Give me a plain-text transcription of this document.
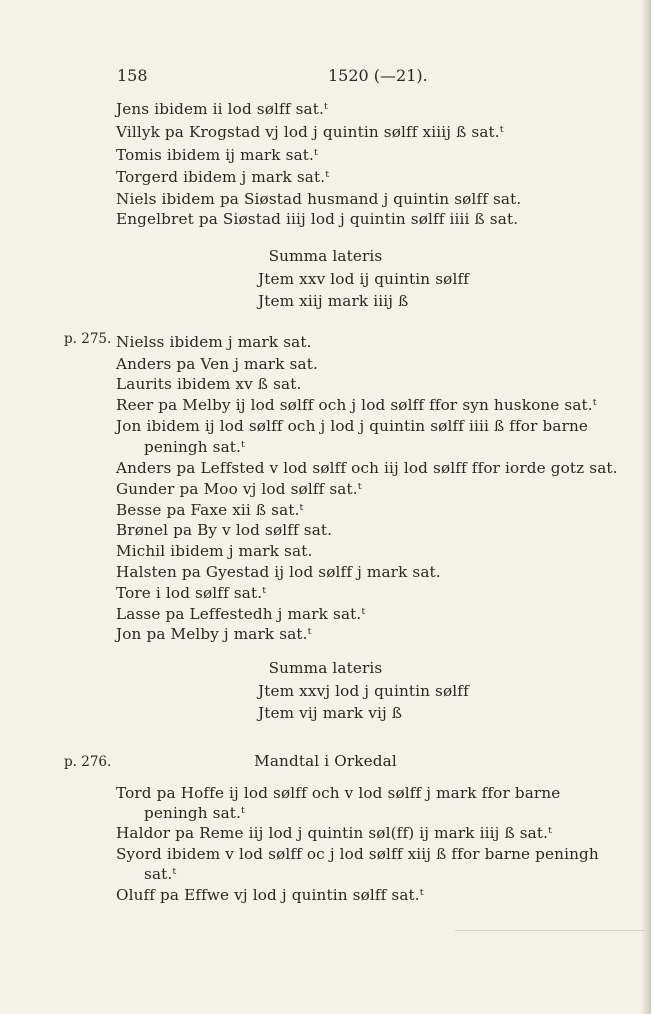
158	1520 (—21).
Jens ibidem ii lod sølff sat.ᵗ
Villyk pa Krogstad vj lod j quintin sølff xiiij ß sat.ᵗ
Tomis ibidem ij mark sat.ᵗ
Torgerd ibidem j mark sat.ᵗ
Niels ibidem pa Siøstad husmand j quintin sølff sat.
Engelbret pa Siøstad iiij lod j quintin sølff iiii ß sat.
Summa lateris
Jtem xxv lod ij quintin sølff
Jtem xiij mark iiij ß
p. 275. Nielss ibidem j mark sat.
Anders pa Ven j mark sat.
Laurits ibidem xv ß sat.
Reer pa Melby ij lod sølff och j lod sølff ffor syn huskone sat.ᵗ
Jon ibidem ij lod sølff och j lod j quintin sølff iiii ß ffor barne
peningh sat.ᵗ
Anders pa Leffsted v lod sølff och iij lod sølff ffor iorde gotz sat.
Gunder pa Moo vj lod sølff sat.ᵗ
Besse pa Faxe xii ß sat.ᵗ
Brønel pa By v lod sølff sat.
Michil ibidem j mark sat.
Halsten pa Gyestad ij lod sølff j mark sat.
Tore i lod sølff sat.ᵗ
Lasse pa Leffestedh j mark sat.ᵗ
Jon pa Melby j mark sat.ᵗ
Summa lateris
Jtem xxvj lod j quintin sølff
Jtem vij mark vij ß
p. 276.	Mandtal i Orkedal
Tord pa Hoffe ij lod sølff och v lod sølff j mark ffor barne
peningh sat.ᵗ
Haldor pa Reme iij lod j quintin søl(ff) ij mark iiij ß sat.ᵗ
Syord ibidem v lod sølff oc j lod sølff xiij ß ffor barne peningh
sat.ᵗ
Oluff pa Effwe vj lod j quintin sølff sat.ᵗ
